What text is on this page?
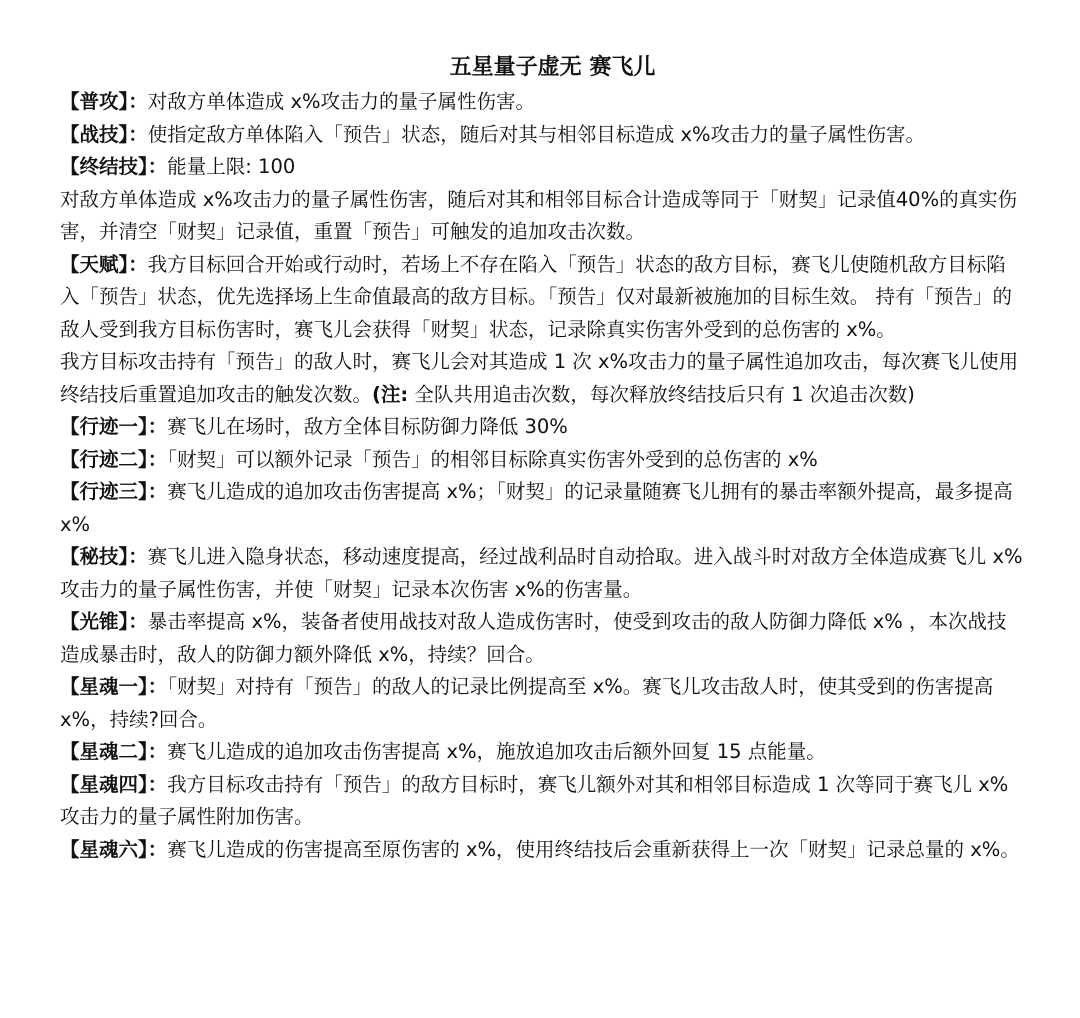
五星量子虚无 赛飞儿

【普攻】：对敌方单体造成 x%攻击力的量子属性伤害。

【战技】：使指定敌方单体陷入「预告」状态，随后对其与相邻目标造成 x%攻击力的量子属性伤害。

【终结技】：能量上限: 100

对敌方单体造成 x%攻击力的量子属性伤害，随后对其和相邻目标合计造成等同于「财契」记录值40%的真实伤害，并清空「财契」记录值，重置「预告」可触发的追加攻击次数。

【天赋】：我方目标回合开始或行动时，若场上不存在陷入「预告」状态的敌方目标，赛飞儿使随机敌方目标陷入「预告」状态，优先选择场上生命值最高的敌方目标。「预告」仅对最新被施加的目标生效。 持有「预告」的敌人受到我方目标伤害时，赛飞儿会获得「财契」状态，记录除真实伤害外受到的总伤害的 x%。

我方目标攻击持有「预告」的敌人时，赛飞儿会对其造成 1 次 x%攻击力的量子属性追加攻击，每次赛飞儿使用终结技后重置追加攻击的触发次数。(注: 全队共用追击次数，每次释放终结技后只有 1 次追击次数)

【行迹一】：赛飞儿在场时，敌方全体目标防御力降低 30%

【行迹二】：「财契」可以额外记录「预告」的相邻目标除真实伤害外受到的总伤害的 x%

【行迹三】：赛飞儿造成的追加攻击伤害提高 x%；「财契」的记录量随赛飞儿拥有的暴击率额外提高，最多提高 x%

【秘技】：赛飞儿进入隐身状态，移动速度提高，经过战利品时自动拾取。进入战斗时对敌方全体造成赛飞儿 x%攻击力的量子属性伤害，并使「财契」记录本次伤害 x%的伤害量。

【光锥】：暴击率提高 x%，装备者使用战技对敌人造成伤害时，使受到攻击的敌人防御力降低 x% ，本次战技造成暴击时，敌人的防御力额外降低 x%，持续？回合。

【星魂一】：「财契」对持有「预告」的敌人的记录比例提高至 x%。赛飞儿攻击敌人时，使其受到的伤害提高 x%，持续?回合。

【星魂二】：赛飞儿造成的追加攻击伤害提高 x%，施放追加攻击后额外回复 15 点能量。

【星魂四】：我方目标攻击持有「预告」的敌方目标时，赛飞儿额外对其和相邻目标造成 1 次等同于赛飞儿 x%攻击力的量子属性附加伤害。

【星魂六】：赛飞儿造成的伤害提高至原伤害的 x%，使用终结技后会重新获得上一次「财契」记录总量的 x%。
